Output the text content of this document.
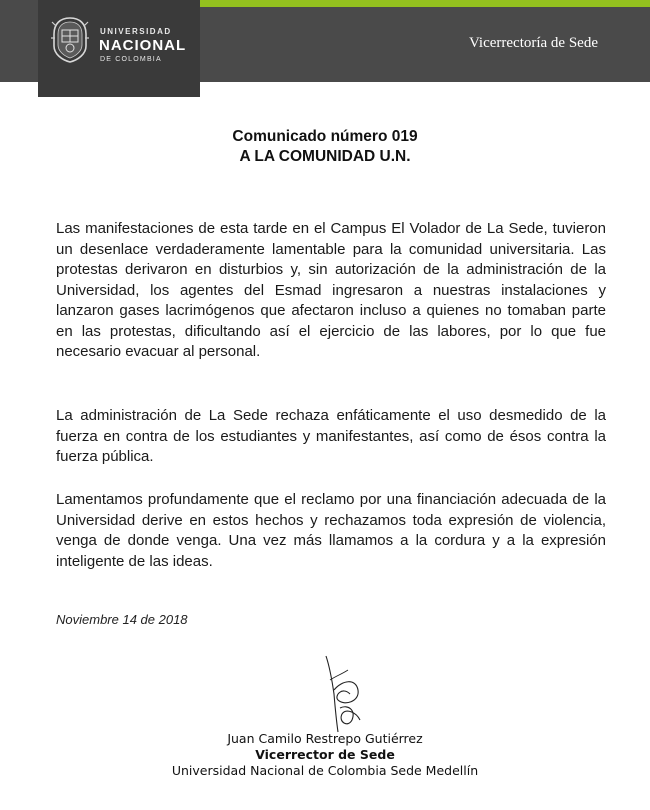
UNIVERSIDAD
NACIONAL
DE COLOMBIA
Vicerrectoría de Sede
Comunicado número 019
A LA COMUNIDAD U.N.

Las manifestaciones de esta tarde en el Campus El Volador de La Sede, tuvieron un desenlace verdaderamente lamentable para la comunidad universitaria. Las protestas derivaron en disturbios y, sin autorización de la administración de la Universidad, los agentes del Esmad ingresaron a nuestras instalaciones y lanzaron gases lacrimógenos que afectaron incluso a quienes no tomaban parte en las protestas, dificultando así el ejercicio de las labores, por lo que fue necesario evacuar al personal.

La administración de La Sede rechaza enfáticamente el uso desmedido de la fuerza en contra de los estudiantes y manifestantes, así como de ésos contra la fuerza pública.

Lamentamos profundamente que el reclamo por una financiación adecuada de la Universidad derive en estos hechos y rechazamos toda expresión de violencia, venga de donde venga. Una vez más llamamos a la cordura y a la expresión inteligente de las ideas.

Noviembre 14 de 2018
Juan Camilo Restrepo Gutiérrez
Vicerrector de Sede
Universidad Nacional de Colombia Sede Medellín
